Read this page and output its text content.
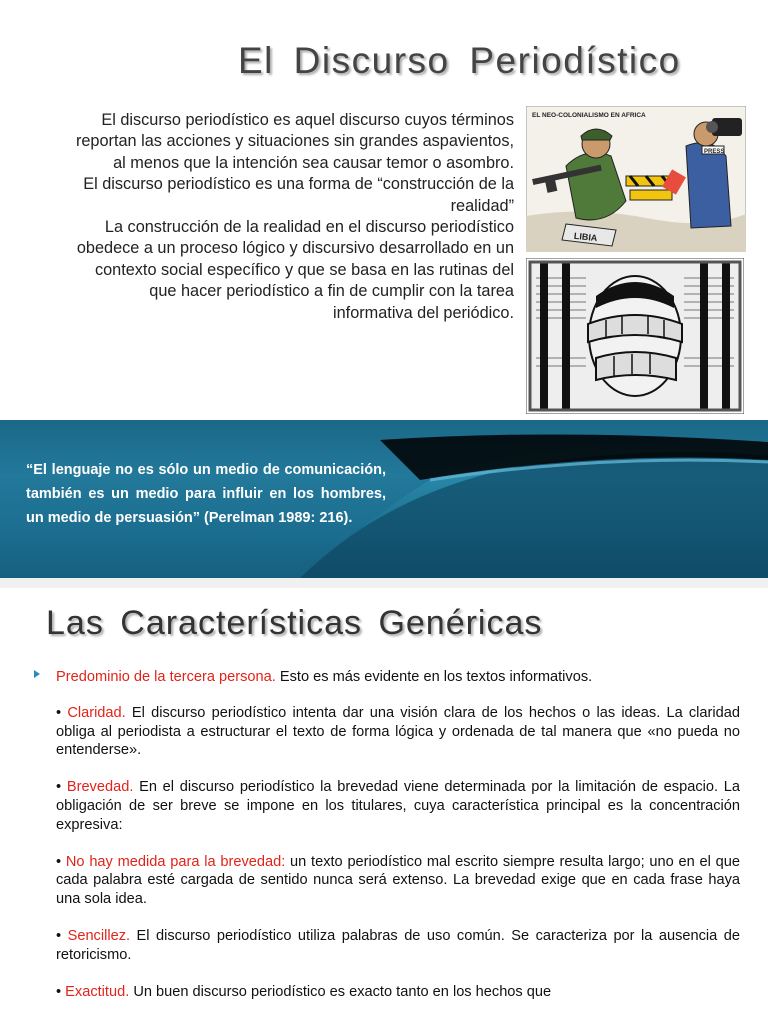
El Discurso Periodístico

El discurso periodístico es aquel discurso cuyos términos reportan las acciones y situaciones sin grandes aspavientos, al menos que la intención sea causar temor o asombro.

El discurso periodístico es una forma de “construcción de la realidad”

La construcción de la realidad en el discurso periodístico obedece a un proceso lógico y discursivo desarrollado en un contexto social específico y que se basa en las rutinas del que hacer periodístico a fin de cumplir con la tarea informativa del periódico.

EL NEO-COLONIALISMO EN AFRICA
PRESS
LIBIA

“El lenguaje no es sólo un medio de comunicación, también es un medio para influir en los hombres, un medio de persuasión” (Perelman 1989: 216).

Las Características Genéricas
Predominio de la tercera persona. Esto es más evidente en los textos informativos.
• Claridad. El discurso periodístico intenta dar una visión clara de los hechos o las ideas. La claridad obliga al periodista a estructurar el texto de forma lógica y ordenada de tal manera que «no pueda no entenderse».
• Brevedad. En el discurso periodístico la brevedad viene determinada por la limitación de espacio. La obligación de ser breve se impone en los titulares, cuya característica principal es la concentración expresiva:
• No hay medida para la brevedad: un texto periodístico mal escrito siempre resulta largo; uno en el que cada palabra esté cargada de sentido nunca será extenso. La brevedad exige que en cada frase haya una sola idea.
• Sencillez. El discurso periodístico utiliza palabras de uso común. Se caracteriza por la ausencia de retoricismo.
• Exactitud. Un buen discurso periodístico es exacto tanto en los hechos que
